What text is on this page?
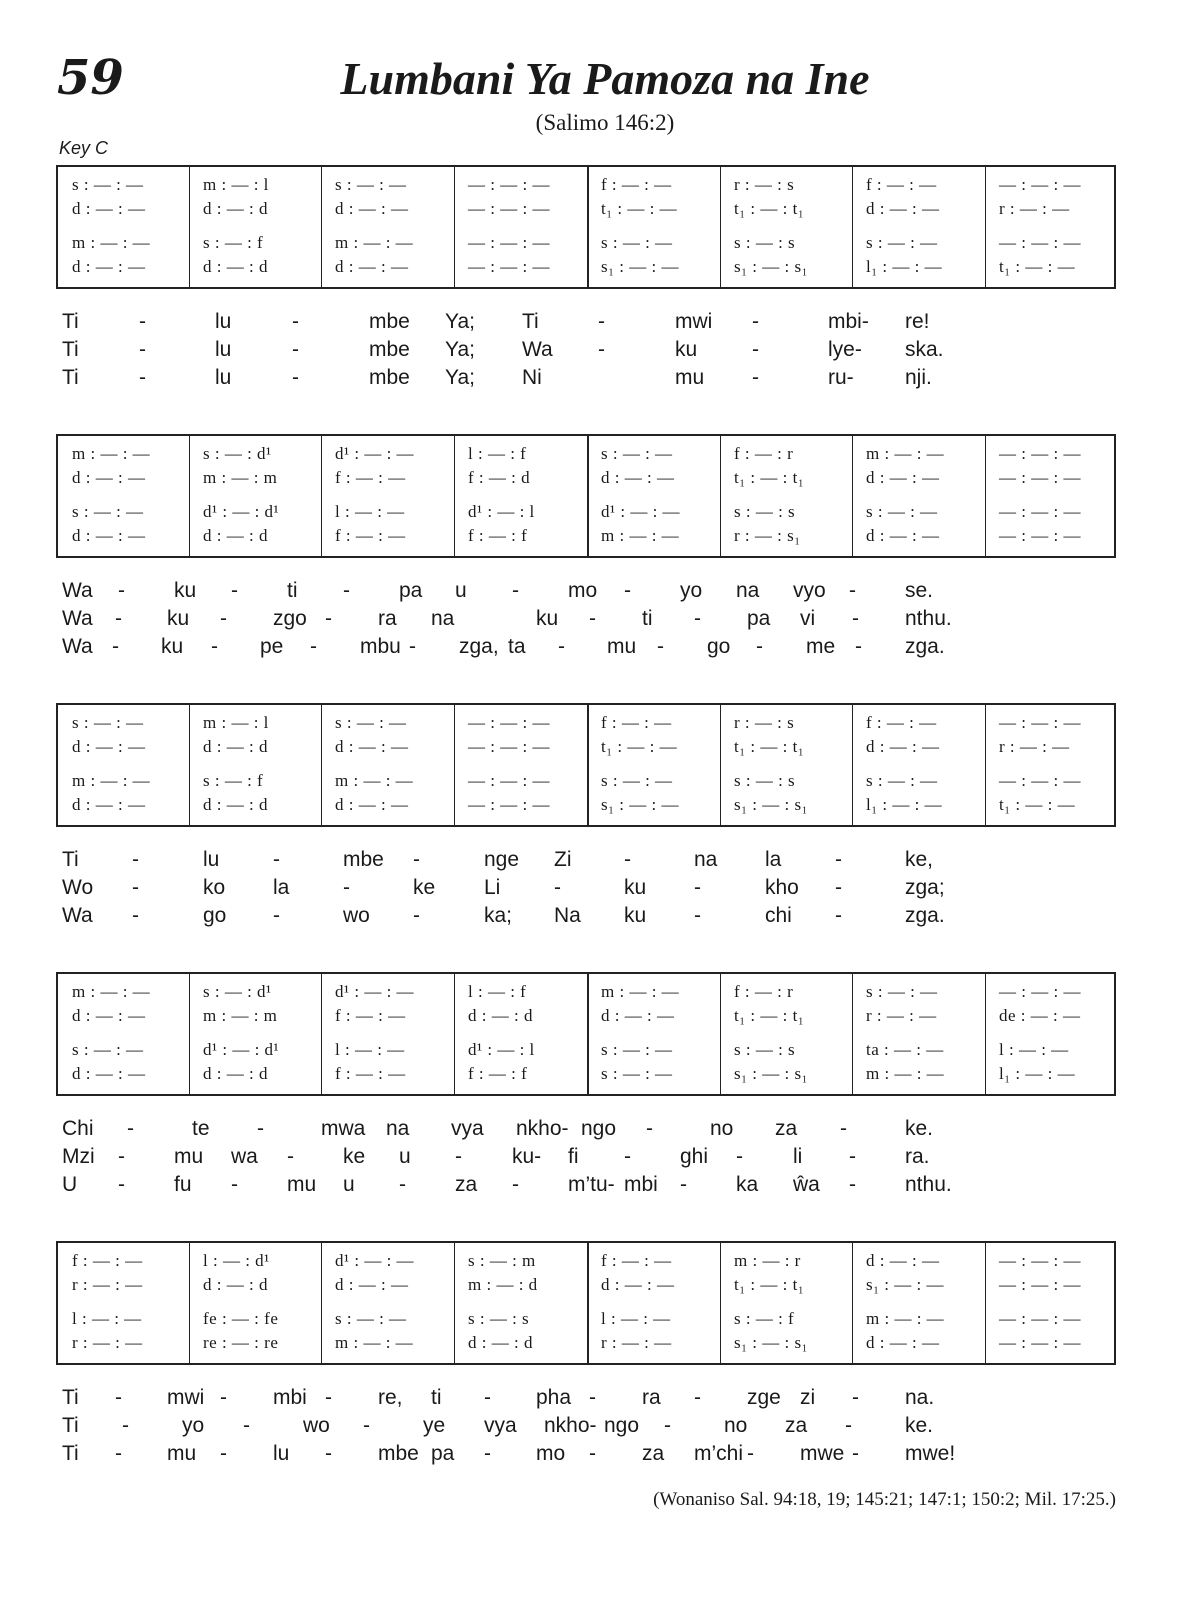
59	Lumbani Ya Pamoza na Ine
(Salimo 146:2)
Key C
s : — : —	m : — : l	s : — : —	— : — : —	f : — : —	r : — : s	f : — : —	— : — : —
d : — : —	d : — : d	d : — : —	— : — : —	t₁ : — : —	t₁ : — : t₁	d : — : —	r : — : —
m : — : —	s : — : f	m : — : —	— : — : —	s : — : —	s : — : s	s : — : —	— : — : —
d : — : —	d : — : d	d : — : —	— : — : —	s₁ : — : —	s₁ : — : s₁	l₁ : — : —	t₁ : — : —
Ti	-	lu	-	mbe Ya; Ti	-	mwi -	mbi- re!
Ti	-	lu	-	mbe Ya; Wa -	ku	-	lye- ska.
Ti	-	lu	-	mbe Ya; Ni	mu -	ru- nji.
m : — : —	s : — : d¹	d¹ : — : —	l : — : f	s : — : —	f : — : r	m : — : —	— : — : —
d : — : —	m : — : m	f : — : —	f : — : d	d : — : —	t₁ : — : t₁	d : — : —	— : — : —
s : — : —	d¹ : — : d¹	l : — : —	d¹ : — : l	d¹ : — : —	s : — : s	s : — : —	— : — : —
d : — : —	d : — : d	f : — : —	f : — : f	m : — : —	r : — : s₁	d : — : —	— : — : —
Wa - ku - ti - pa u - mo - yo na vyo - se.
Wa - ku - zgo - ra na	ku - ti - pa vi - nthu.
Wa - ku - pe - mbu - zga, ta - mu - go - me - zga.
s : — : —	m : — : l	s : — : —	— : — : —	f : — : —	r : — : s	f : — : —	— : — : —
d : — : —	d : — : d	d : — : —	— : — : —	t₁ : — : —	t₁ : — : t₁	d : — : —	r : — : —
m : — : —	s : — : f	m : — : —	— : — : —	s : — : —	s : — : s	s : — : —	— : — : —
d : — : —	d : — : d	d : — : —	— : — : —	s₁ : — : —	s₁ : — : s₁	l₁ : — : —	t₁ : — : —
Ti	-	lu	-	mbe -	nge Zi	-	na la	-	ke,
Wo -	ko la	-	ke Li	-	ku -	kho -	zga;
Wa -	go -	wo -	ka; Na ku -	chi -	zga.
m : — : —	s : — : d¹	d¹ : — : —	l : — : f	m : — : —	f : — : r	s : — : —	— : — : —
d : — : —	m : — : m	f : — : —	d : — : d	d : — : —	t₁ : — : t₁	r : — : —	de : — : —
s : — : —	d¹ : — : d¹	l : — : —	d¹ : — : l	s : — : —	s : — : s	ta : — : —	l : — : —
d : — : —	d : — : d	f : — : —	f : — : f	s : — : —	s₁ : — : s₁	m : — : —	l₁ : — : —
Chi -	te -	mwa na vya nkho- ngo -	no za -	ke.
Mzi - mu wa - ke u - ku- fi - ghi - li - ra.
U - fu - mu u - za - m’tu- mbi - ka ŵa - nthu.
f : — : —	l : — : d¹	d¹ : — : —	s : — : m	f : — : —	m : — : r	d : — : —	— : — : —
r : — : —	d : — : d	d : — : —	m : — : d	d : — : —	t₁ : — : t₁	s₁ : — : —	— : — : —
l : — : —	fe : — : fe	s : — : —	s : — : s	l : — : —	s : — : f	m : — : —	— : — : —
r : — : —	re : — : re	m : — : —	d : — : d	r : — : —	s₁ : — : s₁	d : — : —	— : — : —
Ti - mwi - mbi - re, ti - pha - ra - zge zi - na.
Ti -	yo -	wo -	ye vya nkho- ngo -	no za -	ke.
Ti - mu - lu - mbe pa - mo - za m’chi - mwe - mwe!
(Wonaniso Sal. 94:18, 19; 145:21; 147:1; 150:2; Mil. 17:25.)
